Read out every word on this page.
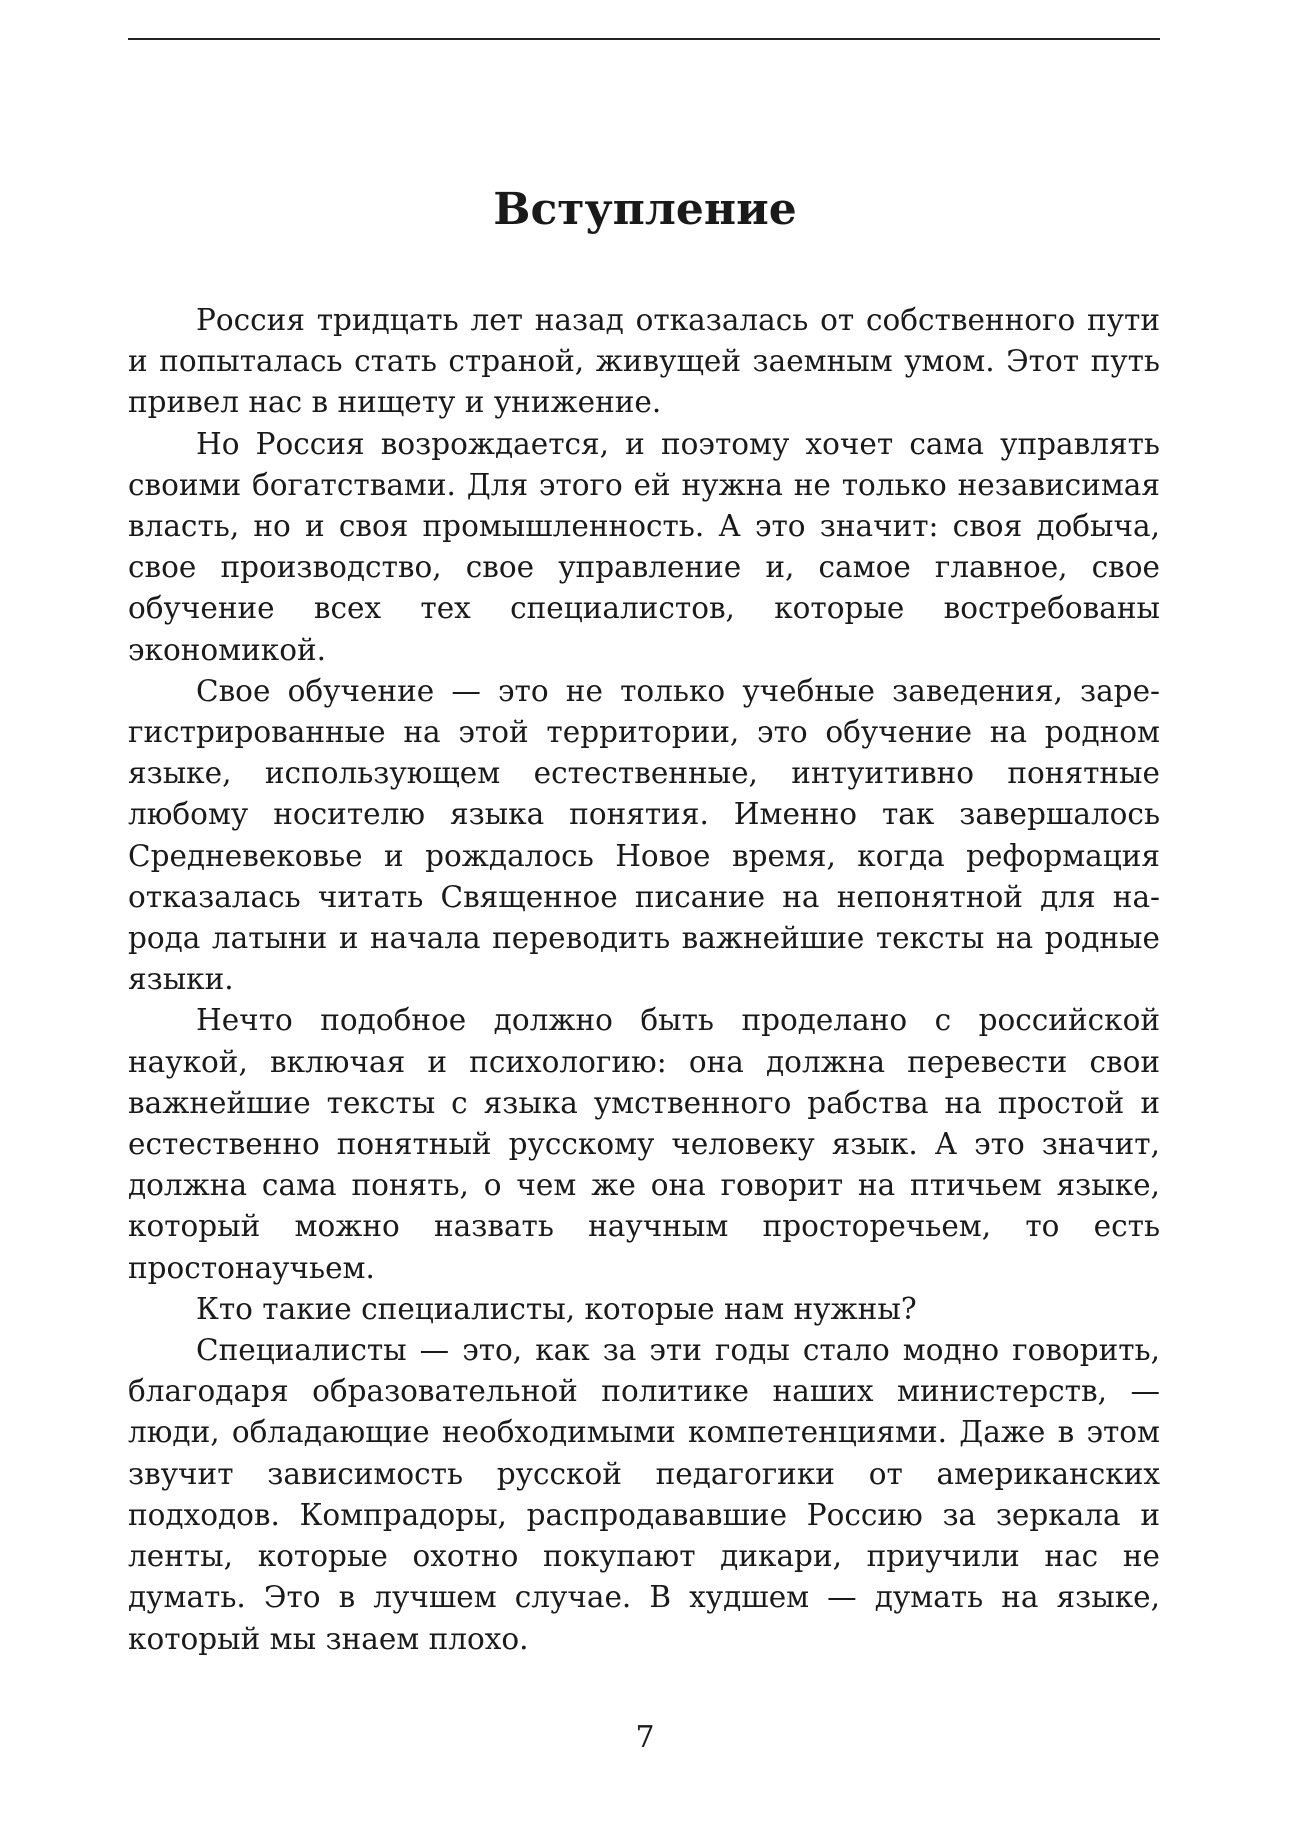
Вступление

Россия тридцать лет назад отказалась от собственного пути и попыталась стать страной, живущей заемным умом. Этот путь привел нас в нищету и унижение.

Но Россия возрождается, и поэтому хочет сама управлять своими богатствами. Для этого ей нужна не только независимая власть, но и своя промышленность. А это значит: своя добыча, свое производство, свое управление и, самое главное, свое обучение всех тех специалистов, которые востребованы экономикой.

Свое обучение — это не только учебные заведения, зарегистрированные на этой территории, это обучение на родном языке, использующем естественные, интуитивно понятные любому носителю языка понятия. Именно так завершалось Средневековье и рождалось Новое время, когда реформация отказалась читать Священное писание на непонятной для народа латыни и начала переводить важнейшие тексты на родные языки.

Нечто подобное должно быть проделано с российской наукой, включая и психологию: она должна перевести свои важнейшие тексты с языка умственного рабства на простой и естественно понятный русскому человеку язык. А это значит, должна сама понять, о чем же она говорит на птичьем языке, который можно назвать научным просторечьем, то есть простонаучьем.

Кто такие специалисты, которые нам нужны?

Специалисты — это, как за эти годы стало модно говорить, благодаря образовательной политике наших министерств, — люди, обладающие необходимыми компетенциями. Даже в этом звучит зависимость русской педагогики от американских подходов. Компрадоры, распродававшие Россию за зеркала и ленты, которые охотно покупают дикари, приучили нас не думать. Это в лучшем случае. В худшем — думать на языке, который мы знаем плохо.

7
